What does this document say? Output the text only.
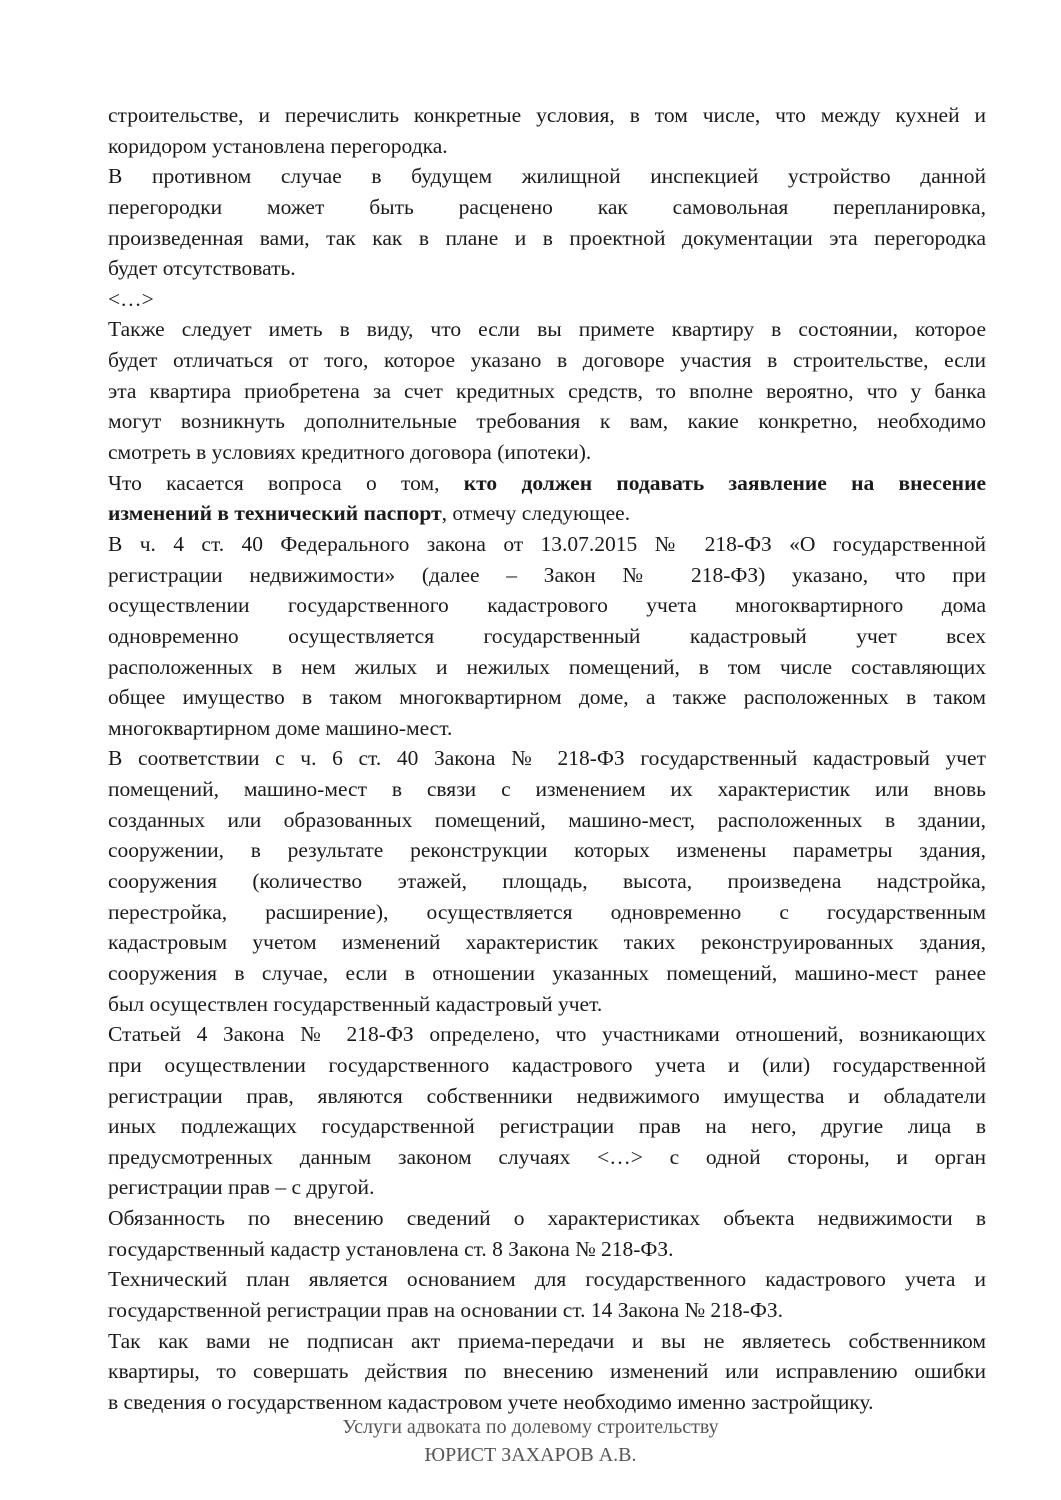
строительстве, и перечислить конкретные условия, в том числе, что между кухней и
коридором установлена перегородка.
В противном случае в будущем жилищной инспекцией устройство данной
перегородки может быть расценено как самовольная перепланировка,
произведенная вами, так как в плане и в проектной документации эта перегородка
будет отсутствовать.
<…>
Также следует иметь в виду, что если вы примете квартиру в состоянии, которое
будет отличаться от того, которое указано в договоре участия в строительстве, если
эта квартира приобретена за счет кредитных средств, то вполне вероятно, что у банка
могут возникнуть дополнительные требования к вам, какие конкретно, необходимо
смотреть в условиях кредитного договора (ипотеки).
Что касается вопроса о том, кто должен подавать заявление на внесение
изменений в технический паспорт, отмечу следующее.
В ч. 4 ст. 40 Федерального закона от 13.07.2015 № 218-ФЗ «О государственной
регистрации недвижимости» (далее – Закон № 218-ФЗ) указано, что при
осуществлении государственного кадастрового учета многоквартирного дома
одновременно осуществляется государственный кадастровый учет всех
расположенных в нем жилых и нежилых помещений, в том числе составляющих
общее имущество в таком многоквартирном доме, а также расположенных в таком
многоквартирном доме машино-мест.
В соответствии с ч. 6 ст. 40 Закона № 218-ФЗ государственный кадастровый учет
помещений, машино-мест в связи с изменением их характеристик или вновь
созданных или образованных помещений, машино-мест, расположенных в здании,
сооружении, в результате реконструкции которых изменены параметры здания,
сооружения (количество этажей, площадь, высота, произведена надстройка,
перестройка, расширение), осуществляется одновременно с государственным
кадастровым учетом изменений характеристик таких реконструированных здания,
сооружения в случае, если в отношении указанных помещений, машино-мест ранее
был осуществлен государственный кадастровый учет.
Статьей 4 Закона № 218-ФЗ определено, что участниками отношений, возникающих
при осуществлении государственного кадастрового учета и (или) государственной
регистрации прав, являются собственники недвижимого имущества и обладатели
иных подлежащих государственной регистрации прав на него, другие лица в
предусмотренных данным законом случаях <…> с одной стороны, и орган
регистрации прав – с другой.
Обязанность по внесению сведений о характеристиках объекта недвижимости в
государственный кадастр установлена ст. 8 Закона № 218-ФЗ.
Технический план является основанием для государственного кадастрового учета и
государственной регистрации прав на основании ст. 14 Закона № 218-ФЗ.
Так как вами не подписан акт приема-передачи и вы не являетесь собственником
квартиры, то совершать действия по внесению изменений или исправлению ошибки
в сведения о государственном кадастровом учете необходимо именно застройщику.
Услуги адвоката по долевому строительству
ЮРИСТ ЗАХАРОВ А.В.
